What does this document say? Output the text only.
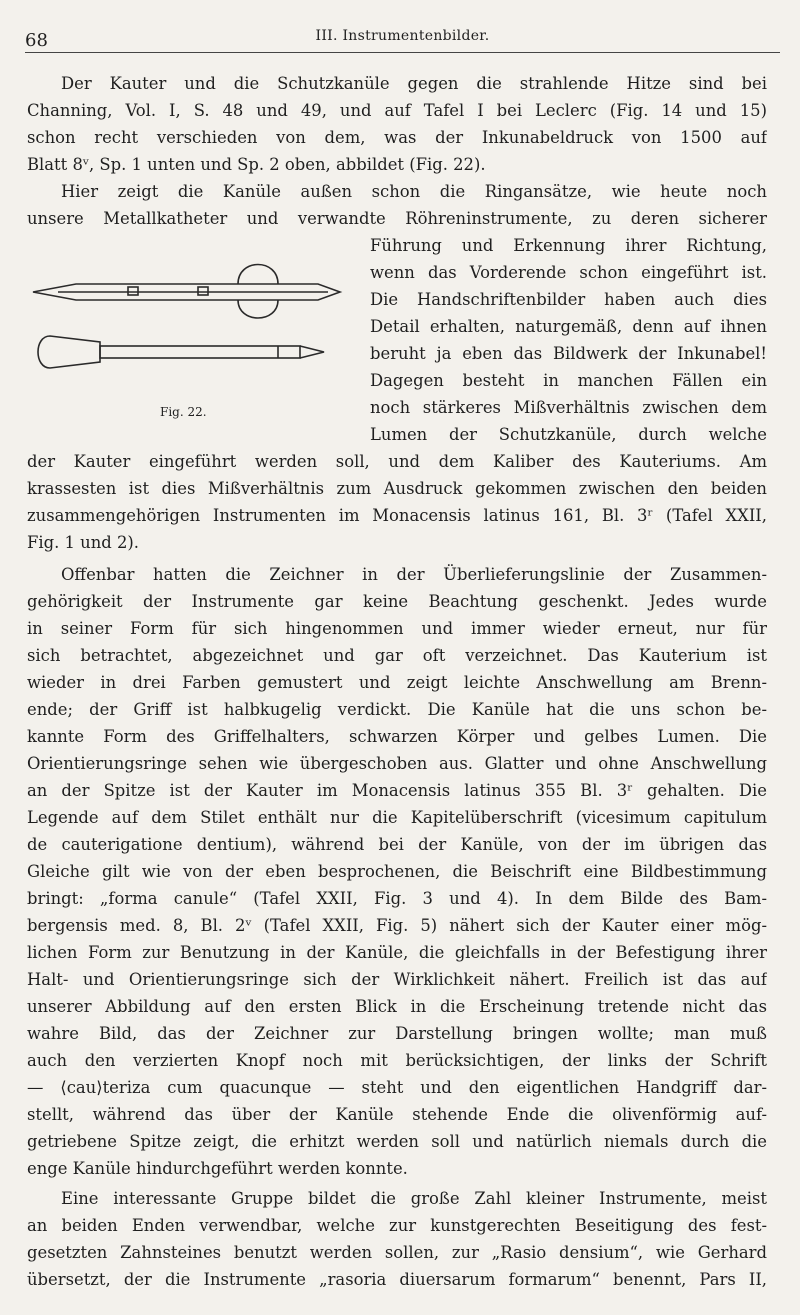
68	III. Instrumentenbilder.
Fig. 22.
Der Kauter und die Schutzkanüle gegen die strahlende Hitze sind bei
Channing, Vol. I, S. 48 und 49, und auf Tafel I bei Leclerc (Fig. 14 und 15)
schon recht verschieden von dem, was der Inkunabeldruck von 1500 auf
Blatt 8ᵛ, Sp. 1 unten und Sp. 2 oben, abbildet (Fig. 22).
Hier zeigt die Kanüle außen schon die Ringansätze, wie heute noch
unsere Metallkatheter und verwandte Röhreninstrumente, zu deren sicherer
Führung und Erkennung ihrer Richtung,
wenn das Vorderende schon eingeführt ist.
Die Handschriftenbilder haben auch dies
Detail erhalten, naturgemäß, denn auf ihnen
beruht ja eben das Bildwerk der Inkunabel!
Dagegen besteht in manchen Fällen ein
noch stärkeres Mißverhältnis zwischen dem
Lumen der Schutzkanüle, durch welche
der Kauter eingeführt werden soll, und dem Kaliber des Kauteriums. Am
krassesten ist dies Mißverhältnis zum Ausdruck gekommen zwischen den beiden
zusammengehörigen Instrumenten im Monacensis latinus 161, Bl. 3ʳ (Tafel XXII,
Fig. 1 und 2).
Offenbar hatten die Zeichner in der Überlieferungslinie der Zusammen-
gehörigkeit der Instrumente gar keine Beachtung geschenkt. Jedes wurde
in seiner Form für sich hingenommen und immer wieder erneut, nur für
sich betrachtet, abgezeichnet und gar oft verzeichnet. Das Kauterium ist
wieder in drei Farben gemustert und zeigt leichte Anschwellung am Brenn-
ende; der Griff ist halbkugelig verdickt. Die Kanüle hat die uns schon be-
kannte Form des Griffelhalters, schwarzen Körper und gelbes Lumen. Die
Orientierungsringe sehen wie übergeschoben aus. Glatter und ohne Anschwellung
an der Spitze ist der Kauter im Monacensis latinus 355 Bl. 3ʳ gehalten. Die
Legende auf dem Stilet enthält nur die Kapitelüberschrift (vicesimum capitulum
de cauterigatione dentium), während bei der Kanüle, von der im übrigen das
Gleiche gilt wie von der eben besprochenen, die Beischrift eine Bildbestimmung
bringt: „forma canule“ (Tafel XXII, Fig. 3 und 4). In dem Bilde des Bam-
bergensis med. 8, Bl. 2ᵛ (Tafel XXII, Fig. 5) nähert sich der Kauter einer mög-
lichen Form zur Benutzung in der Kanüle, die gleichfalls in der Befestigung ihrer
Halt- und Orientierungsringe sich der Wirklichkeit nähert. Freilich ist das auf
unserer Abbildung auf den ersten Blick in die Erscheinung tretende nicht das
wahre Bild, das der Zeichner zur Darstellung bringen wollte; man muß
auch den verzierten Knopf noch mit berücksichtigen, der links der Schrift
— ⟨cau⟩teriza cum quacunque — steht und den eigentlichen Handgriff dar-
stellt, während das über der Kanüle stehende Ende die olivenförmig auf-
getriebene Spitze zeigt, die erhitzt werden soll und natürlich niemals durch die
enge Kanüle hindurchgeführt werden konnte.
Eine interessante Gruppe bildet die große Zahl kleiner Instrumente, meist
an beiden Enden verwendbar, welche zur kunstgerechten Beseitigung des fest-
gesetzten Zahnsteines benutzt werden sollen, zur „Rasio densium“, wie Gerhard
übersetzt, der die Instrumente „rasoria diuersarum formarum“ benennt, Pars II,
